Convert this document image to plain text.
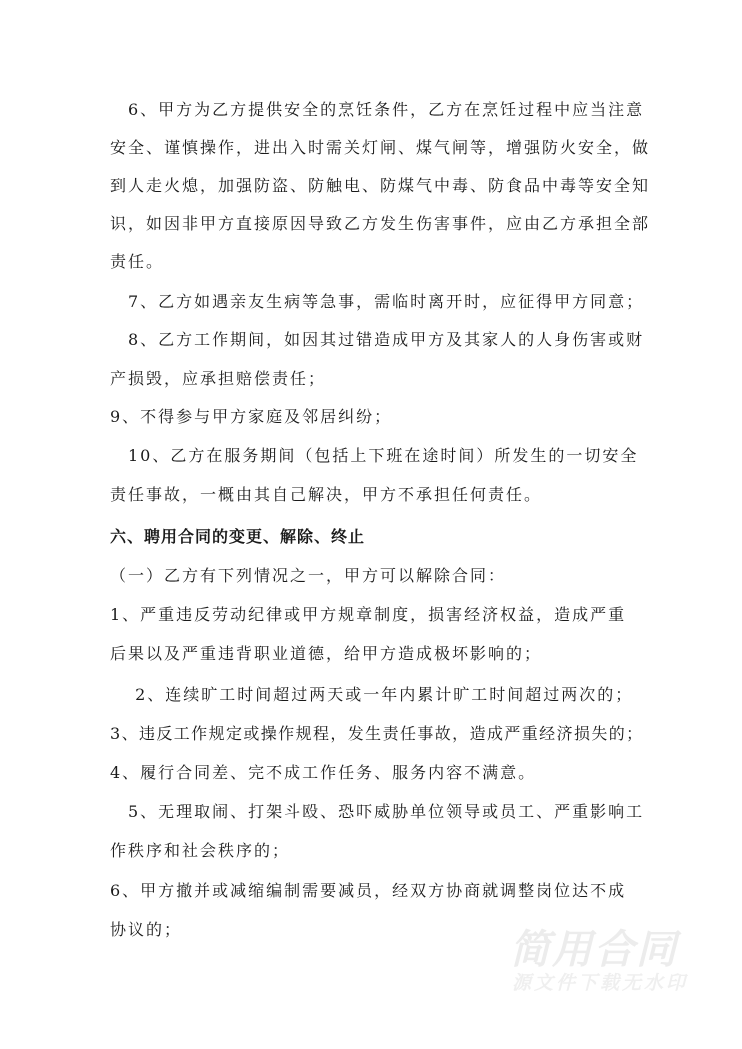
　6、甲方为乙方提供安全的烹饪条件，乙方在烹饪过程中应当注意
安全、谨慎操作，进出入时需关灯闸、煤气闸等，增强防火安全，做
到人走火熄，加强防盗、防触电、防煤气中毒、防食品中毒等安全知
识，如因非甲方直接原因导致乙方发生伤害事件，应由乙方承担全部
责任。
　7、乙方如遇亲友生病等急事，需临时离开时，应征得甲方同意；
　8、乙方工作期间，如因其过错造成甲方及其家人的人身伤害或财
产损毁，应承担赔偿责任；
9、不得参与甲方家庭及邻居纠纷；
　10、乙方在服务期间（包括上下班在途时间）所发生的一切安全
责任事故，一概由其自己解决，甲方不承担任何责任。
六、聘用合同的变更、解除、终止
（一）乙方有下列情况之一，甲方可以解除合同：
1、严重违反劳动纪律或甲方规章制度，损害经济权益，造成严重
后果以及严重违背职业道德，给甲方造成极坏影响的；
　 2、连续旷工时间超过两天或一年内累计旷工时间超过两次的；
3、违反工作规定或操作规程，发生责任事故，造成严重经济损失的；
4、履行合同差、完不成工作任务、服务内容不满意。
　5、无理取闹、打架斗殴、恐吓威胁单位领导或员工、严重影响工
作秩序和社会秩序的；
6、甲方撤并或减缩编制需要减员，经双方协商就调整岗位达不成
协议的；	简用合同
源文件下载无水印
